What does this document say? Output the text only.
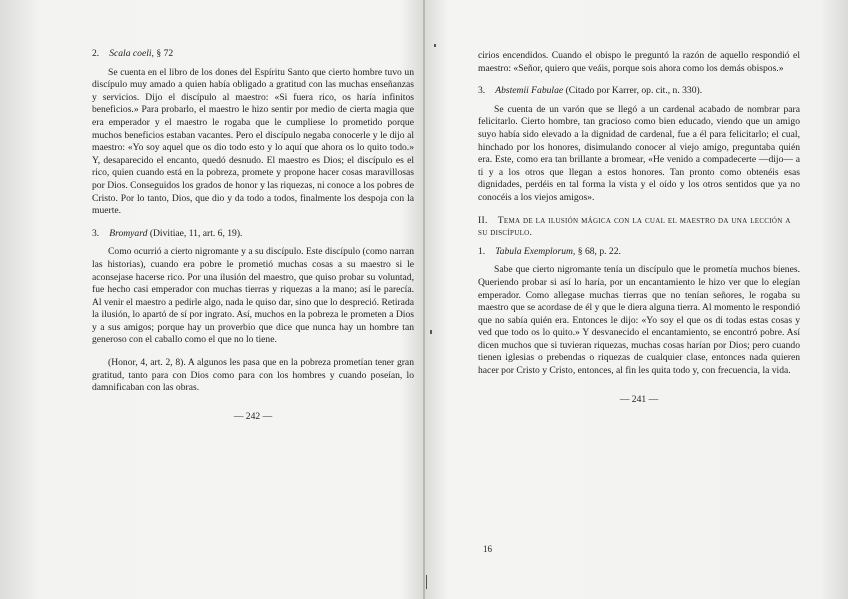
2. Scala coeli, § 72

Se cuenta en el libro de los dones del Espíritu Santo que cierto hombre tuvo un discípulo muy amado a quien había obligado a gratitud con las muchas enseñanzas y servicios. Dijo el discípulo al maestro: «Si fuera rico, os haría infinitos beneficios.» Para probarlo, el maestro le hizo sentir por medio de cierta magia que era emperador y el maestro le rogaba que le cumpliese lo prometido porque muchos beneficios estaban vacantes. Pero el discípulo negaba conocerle y le dijo al maestro: «Yo soy aquel que os dio todo esto y lo aquí que ahora os lo quito todo.» Y, desaparecido el encanto, quedó desnudo. El maestro es Dios; el discípulo es el rico, quien cuando está en la pobreza, promete y propone hacer cosas maravillosas por Dios. Conseguidos los grados de honor y las riquezas, ni conoce a los pobres de Cristo. Por lo tanto, Dios, que dio y da todo a todos, finalmente los despoja con la muerte.

3. Bromyard (Divitiae, 11, art. 6, 19).

Como ocurrió a cierto nigromante y a su discípulo. Este discípulo (como narran las historias), cuando era pobre le prometió muchas cosas a su maestro si le aconsejase hacerse rico. Por una ilusión del maestro, que quiso probar su voluntad, fue hecho casi emperador con muchas tierras y riquezas a la mano; así le parecía. Al venir el maestro a pedirle algo, nada le quiso dar, sino que lo despreció. Retirada la ilusión, lo apartó de sí por ingrato. Así, muchos en la pobreza le prometen a Dios y a sus amigos; porque hay un proverbio que dice que nunca hay un hombre tan generoso con el caballo como el que no lo tiene.

(Honor, 4, art. 2, 8). A algunos les pasa que en la pobreza prometían tener gran gratitud, tanto para con Dios como para con los hombres y cuando poseían, lo damnificaban con las obras.

— 242 —

cirios encendidos. Cuando el obispo le preguntó la razón de aquello respondió el maestro: «Señor, quiero que veáis, porque sois ahora como los demás obispos.»

3. Abstemii Fabulae (Citado por Karrer, op. cit., n. 330).

Se cuenta de un varón que se llegó a un cardenal acabado de nombrar para felicitarlo. Cierto hombre, tan gracioso como bien educado, viendo que un amigo suyo había sido elevado a la dignidad de cardenal, fue a él para felicitarlo; el cual, hinchado por los honores, disimulando conocer al viejo amigo, preguntaba quién era. Este, como era tan brillante a bromear, «He venido a compadecerte —dijo— a ti y a los otros que llegan a estos honores. Tan pronto como obtenéis esas dignidades, perdéis en tal forma la vista y el oído y los otros sentidos que ya no conocéis a los viejos amigos».

II. Tema de la ilusión mágica con la cual el maestro da una lección a su discípulo.
1. Tabula Exemplorum, § 68, p. 22.

Sabe que cierto nigromante tenía un discípulo que le prometía muchos bienes. Queriendo probar si así lo haría, por un encantamiento le hizo ver que lo elegían emperador. Como allegase muchas tierras que no tenían señores, le rogaba su maestro que se acordase de él y que le diera alguna tierra. Al momento le respondió que no sabía quién era. Entonces le dijo: «Yo soy el que os di todas estas cosas y ved que todo os lo quito.» Y desvanecido el encantamiento, se encontró pobre. Así dicen muchos que si tuvieran riquezas, muchas cosas harían por Dios; pero cuando tienen iglesias o prebendas o riquezas de cualquier clase, entonces nada quieren hacer por Cristo y Cristo, entonces, al fin les quita todo y, con frecuencia, la vida.

— 241 —
16
